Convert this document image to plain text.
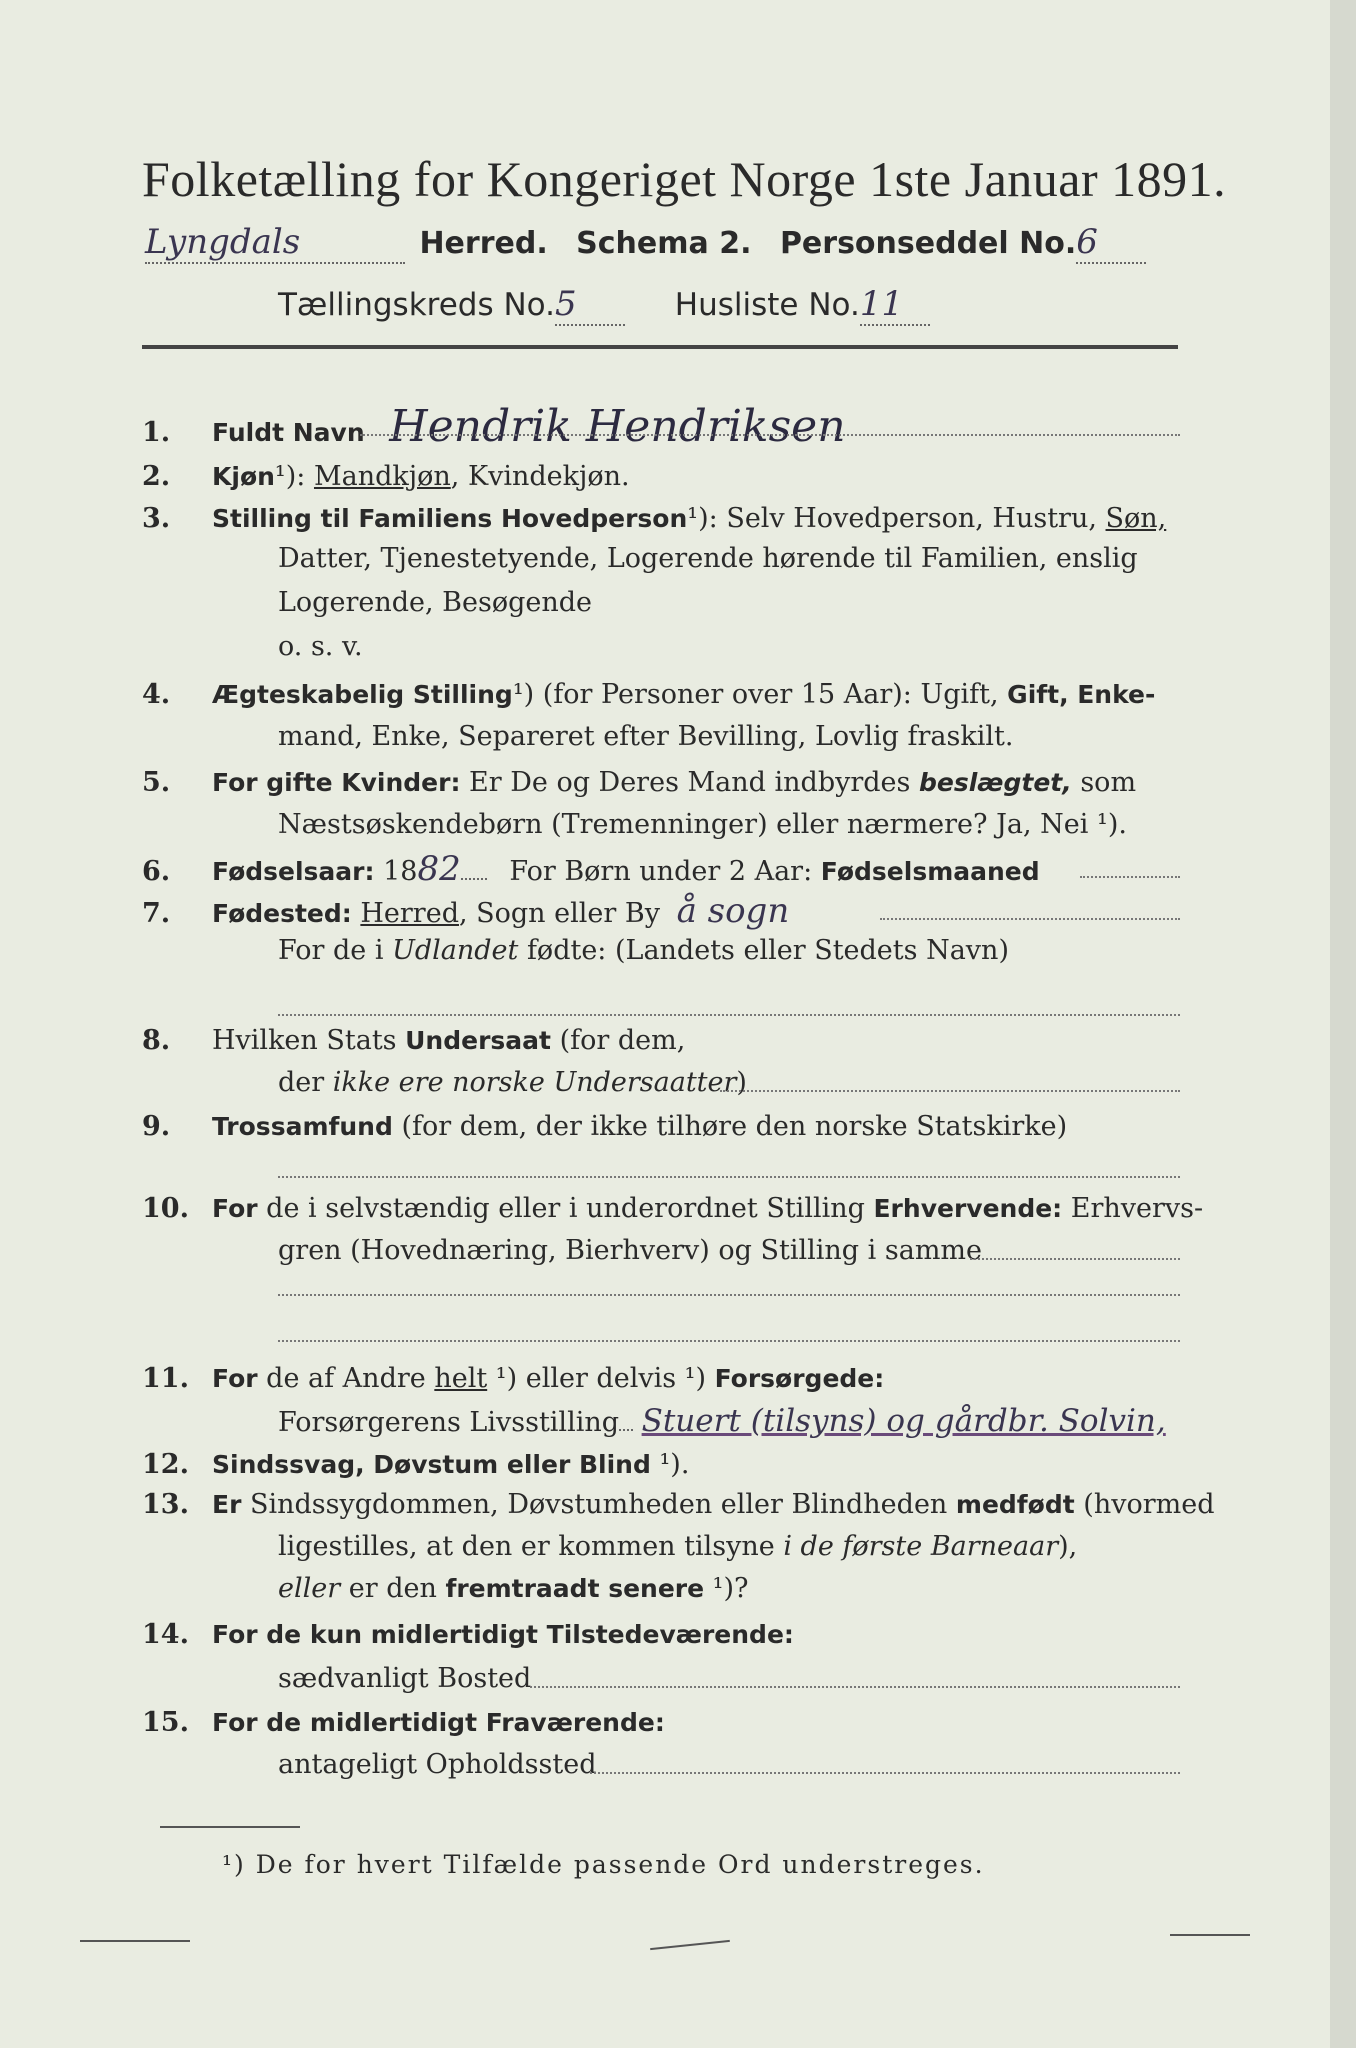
Folketælling for Kongeriget Norge 1ste Januar 1891.
Lyngdals	Herred. Schema 2. Personseddel No.6
Tællingskreds No.5	Husliste No.11
1. Fuldt Navn Hendrik Hendriksen
2. Kjøn¹): Mandkjøn, Kvindekjøn.
3. Stilling til Familiens Hovedperson¹): Selv Hovedperson, Hustru, Søn,
Datter, Tjenestetyende, Logerende hørende til Familien, enslig
Logerende, Besøgende
o. s. v.
4. Ægteskabelig Stilling¹) (for Personer over 15 Aar): Ugift, Gift, Enke-
mand, Enke, Separeret efter Bevilling, Lovlig fraskilt.
5. For gifte Kvinder: Er De og Deres Mand indbyrdes beslægtet, som
Næstsøskendebørn (Tremenninger) eller nærmere? Ja, Nei ¹).
6. Fødselsaar: 1882 For Børn under 2 Aar: Fødselsmaaned
7. Fødested: Herred, Sogn eller By å sogn
For de i Udlandet fødte: (Landets eller Stedets Navn)
8. Hvilken Stats Undersaat (for dem,
der ikke ere norske Undersaatter)
9. Trossamfund (for dem, der ikke tilhøre den norske Statskirke)
10. For de i selvstændig eller i underordnet Stilling Erhvervende: Erhvervs-
gren (Hovednæring, Bierhverv) og Stilling i samme
11. For de af Andre helt ¹) eller delvis ¹) Forsørgede:
Forsørgerens Livsstilling Stuert (tilsyns) og gårdbr. Solvin,
12. Sindssvag, Døvstum eller Blind ¹).
13. Er Sindssygdommen, Døvstumheden eller Blindheden medfødt (hvormed
ligestilles, at den er kommen tilsyne i de første Barneaar),
eller er den fremtraadt senere ¹)?
14. For de kun midlertidigt Tilstedeværende:
sædvanligt Bosted
15. For de midlertidigt Fraværende:
antageligt Opholdssted
¹) De for hvert Tilfælde passende Ord understreges.
